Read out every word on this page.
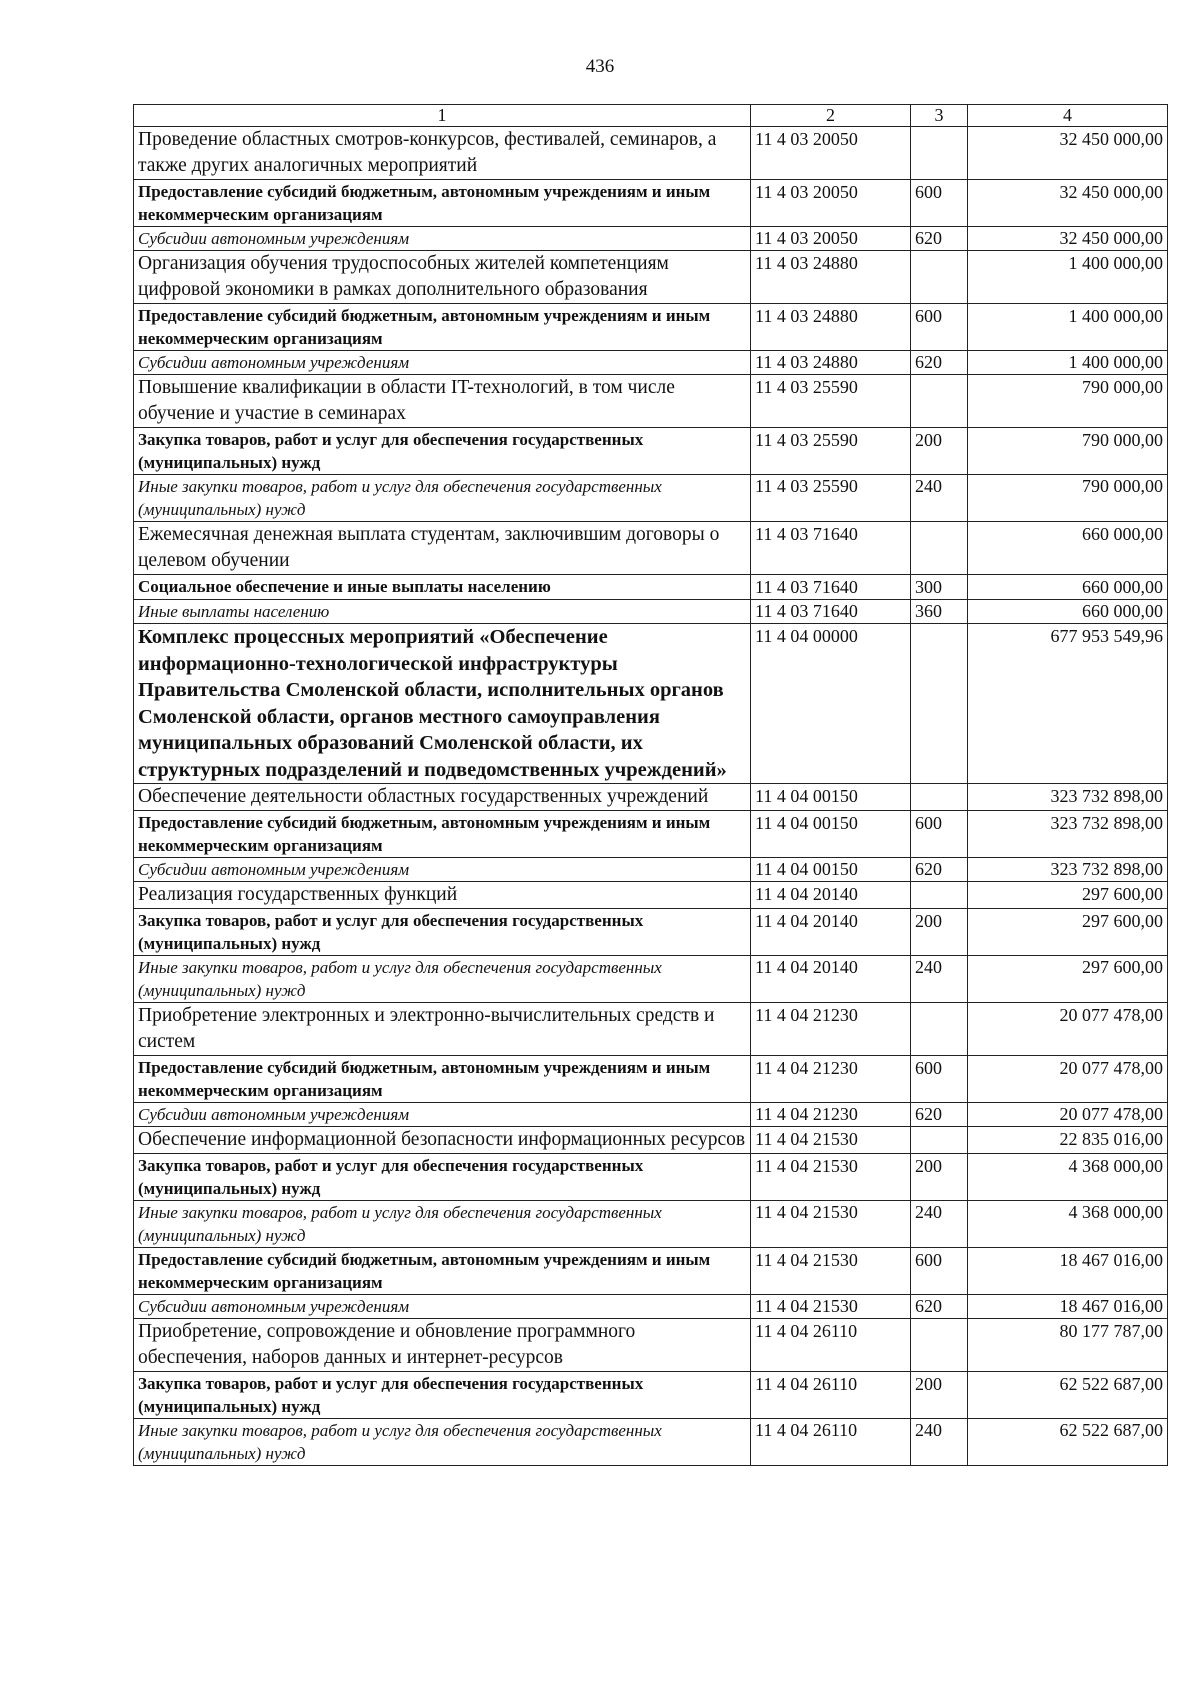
436
1	2	3	4
Проведение областных смотров-конкурсов, фестивалей, семинаров, а также других аналогичных мероприятий	11 4 03 20050		32 450 000,00
Предоставление субсидий бюджетным, автономным учреждениям и иным некоммерческим организациям	11 4 03 20050	600	32 450 000,00
Субсидии автономным учреждениям	11 4 03 20050	620	32 450 000,00
Организация обучения трудоспособных жителей компетенциям цифровой экономики в рамках дополнительного образования	11 4 03 24880		1 400 000,00
Предоставление субсидий бюджетным, автономным учреждениям и иным некоммерческим организациям	11 4 03 24880	600	1 400 000,00
Субсидии автономным учреждениям	11 4 03 24880	620	1 400 000,00
Повышение квалификации в области IT-технологий, в том числе обучение и участие в семинарах	11 4 03 25590		790 000,00
Закупка товаров, работ и услуг для обеспечения государственных (муниципальных) нужд	11 4 03 25590	200	790 000,00
Иные закупки товаров, работ и услуг для обеспечения государственных (муниципальных) нужд	11 4 03 25590	240	790 000,00
Ежемесячная денежная выплата студентам, заключившим договоры о целевом обучении	11 4 03 71640		660 000,00
Социальное обеспечение и иные выплаты населению	11 4 03 71640	300	660 000,00
Иные выплаты населению	11 4 03 71640	360	660 000,00
Комплекс процессных мероприятий «Обеспечение информационно-технологической инфраструктуры Правительства Смоленской области, исполнительных органов Смоленской области, органов местного самоуправления муниципальных образований Смоленской области, их структурных подразделений и подведомственных учреждений»	11 4 04 00000		677 953 549,96
Обеспечение деятельности областных государственных учреждений	11 4 04 00150		323 732 898,00
Предоставление субсидий бюджетным, автономным учреждениям и иным некоммерческим организациям	11 4 04 00150	600	323 732 898,00
Субсидии автономным учреждениям	11 4 04 00150	620	323 732 898,00
Реализация государственных функций	11 4 04 20140		297 600,00
Закупка товаров, работ и услуг для обеспечения государственных (муниципальных) нужд	11 4 04 20140	200	297 600,00
Иные закупки товаров, работ и услуг для обеспечения государственных (муниципальных) нужд	11 4 04 20140	240	297 600,00
Приобретение электронных и электронно-вычислительных средств и систем	11 4 04 21230		20 077 478,00
Предоставление субсидий бюджетным, автономным учреждениям и иным некоммерческим организациям	11 4 04 21230	600	20 077 478,00
Субсидии автономным учреждениям	11 4 04 21230	620	20 077 478,00
Обеспечение информационной безопасности информационных ресурсов	11 4 04 21530		22 835 016,00
Закупка товаров, работ и услуг для обеспечения государственных (муниципальных) нужд	11 4 04 21530	200	4 368 000,00
Иные закупки товаров, работ и услуг для обеспечения государственных (муниципальных) нужд	11 4 04 21530	240	4 368 000,00
Предоставление субсидий бюджетным, автономным учреждениям и иным некоммерческим организациям	11 4 04 21530	600	18 467 016,00
Субсидии автономным учреждениям	11 4 04 21530	620	18 467 016,00
Приобретение, сопровождение и обновление программного обеспечения, наборов данных и интернет-ресурсов	11 4 04 26110		80 177 787,00
Закупка товаров, работ и услуг для обеспечения государственных (муниципальных) нужд	11 4 04 26110	200	62 522 687,00
Иные закупки товаров, работ и услуг для обеспечения государственных (муниципальных) нужд	11 4 04 26110	240	62 522 687,00
